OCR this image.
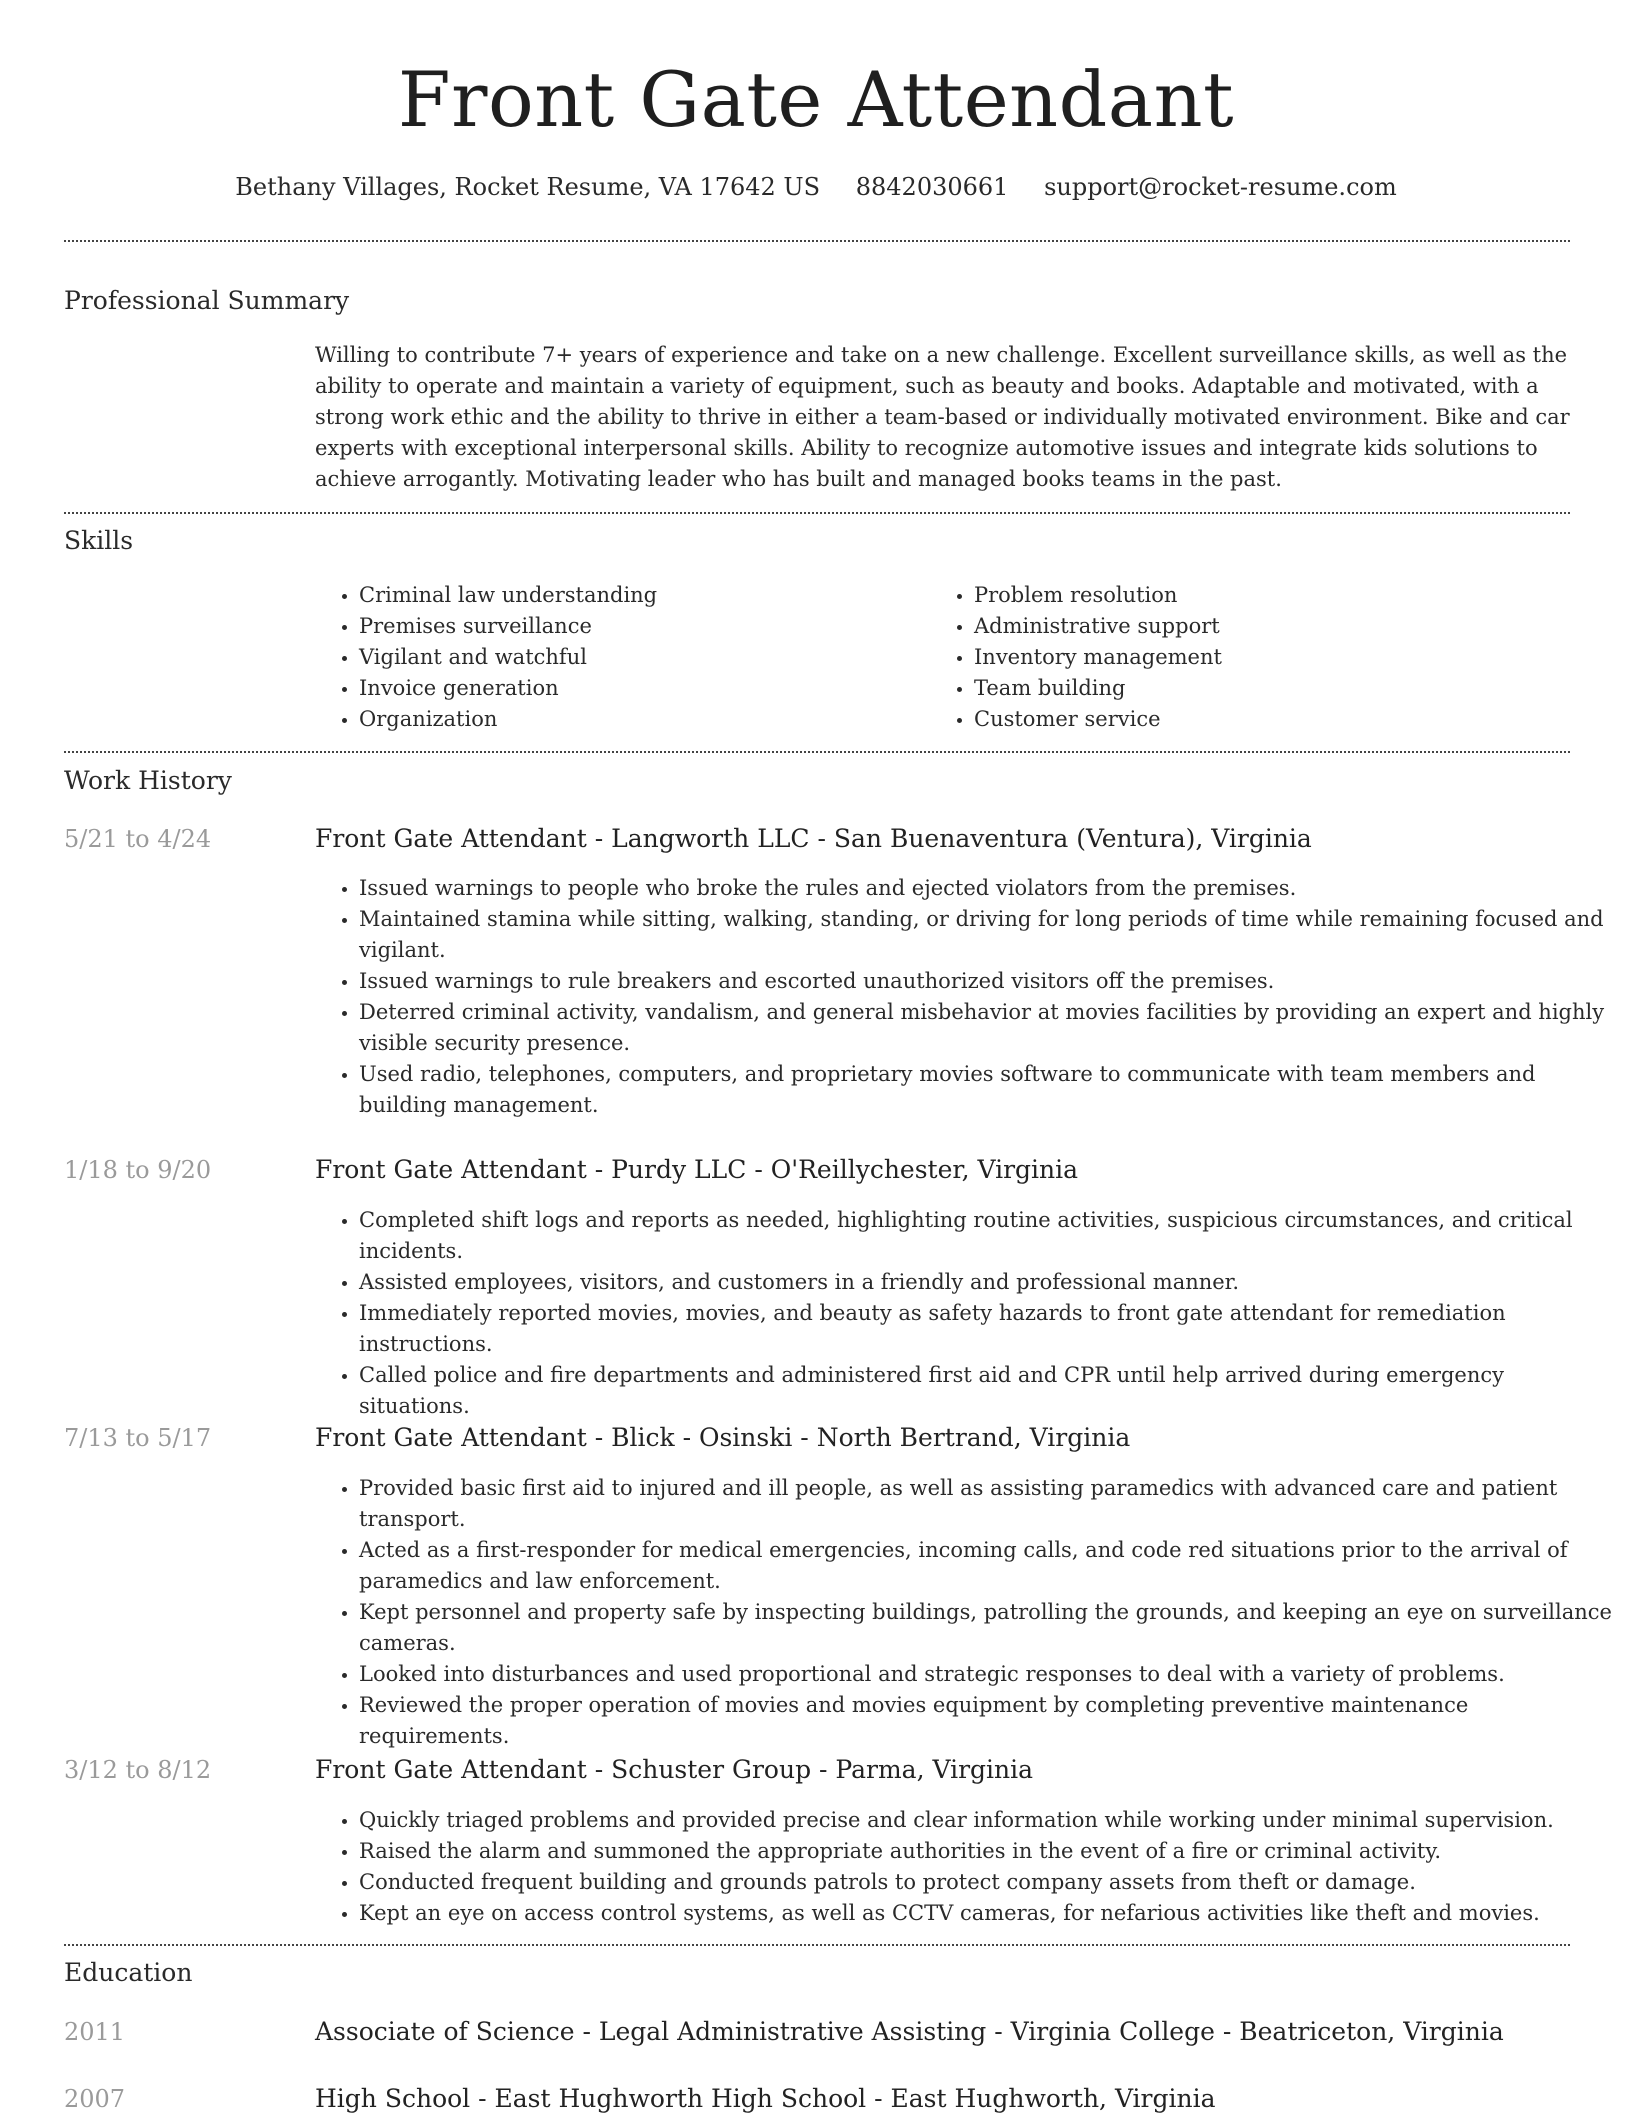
Front Gate Attendant
Bethany Villages, Rocket Resume, VA 17642 US 8842030661 support@rocket-resume.com
Professional Summary
Willing to contribute 7+ years of experience and take on a new challenge. Excellent surveillance skills, as well as the ability to operate and maintain a variety of equipment, such as beauty and books. Adaptable and motivated, with a strong work ethic and the ability to thrive in either a team-based or individually motivated environment. Bike and car experts with exceptional interpersonal skills. Ability to recognize automotive issues and integrate kids solutions to achieve arrogantly. Motivating leader who has built and managed books teams in the past.
Skills
• Criminal law understanding
• Premises surveillance
• Vigilant and watchful
• Invoice generation
• Organization
• Problem resolution
• Administrative support
• Inventory management
• Team building
• Customer service
Work History
5/21 to 4/24	Front Gate Attendant - Langworth LLC - San Buenaventura (Ventura), Virginia
• Issued warnings to people who broke the rules and ejected violators from the premises.
• Maintained stamina while sitting, walking, standing, or driving for long periods of time while remaining focused and vigilant.
• Issued warnings to rule breakers and escorted unauthorized visitors off the premises.
• Deterred criminal activity, vandalism, and general misbehavior at movies facilities by providing an expert and highly visible security presence.
• Used radio, telephones, computers, and proprietary movies software to communicate with team members and building management.
1/18 to 9/20	Front Gate Attendant - Purdy LLC - O'Reillychester, Virginia
• Completed shift logs and reports as needed, highlighting routine activities, suspicious circumstances, and critical incidents.
• Assisted employees, visitors, and customers in a friendly and professional manner.
• Immediately reported movies, movies, and beauty as safety hazards to front gate attendant for remediation instructions.
• Called police and fire departments and administered first aid and CPR until help arrived during emergency situations.
7/13 to 5/17	Front Gate Attendant - Blick - Osinski - North Bertrand, Virginia
• Provided basic first aid to injured and ill people, as well as assisting paramedics with advanced care and patient transport.
• Acted as a first-responder for medical emergencies, incoming calls, and code red situations prior to the arrival of paramedics and law enforcement.
• Kept personnel and property safe by inspecting buildings, patrolling the grounds, and keeping an eye on surveillance cameras.
• Looked into disturbances and used proportional and strategic responses to deal with a variety of problems.
• Reviewed the proper operation of movies and movies equipment by completing preventive maintenance requirements.
3/12 to 8/12	Front Gate Attendant - Schuster Group - Parma, Virginia
• Quickly triaged problems and provided precise and clear information while working under minimal supervision.
• Raised the alarm and summoned the appropriate authorities in the event of a fire or criminal activity.
• Conducted frequent building and grounds patrols to protect company assets from theft or damage.
• Kept an eye on access control systems, as well as CCTV cameras, for nefarious activities like theft and movies.
Education
2011	Associate of Science - Legal Administrative Assisting - Virginia College - Beatriceton, Virginia
2007	High School - East Hughworth High School - East Hughworth, Virginia
